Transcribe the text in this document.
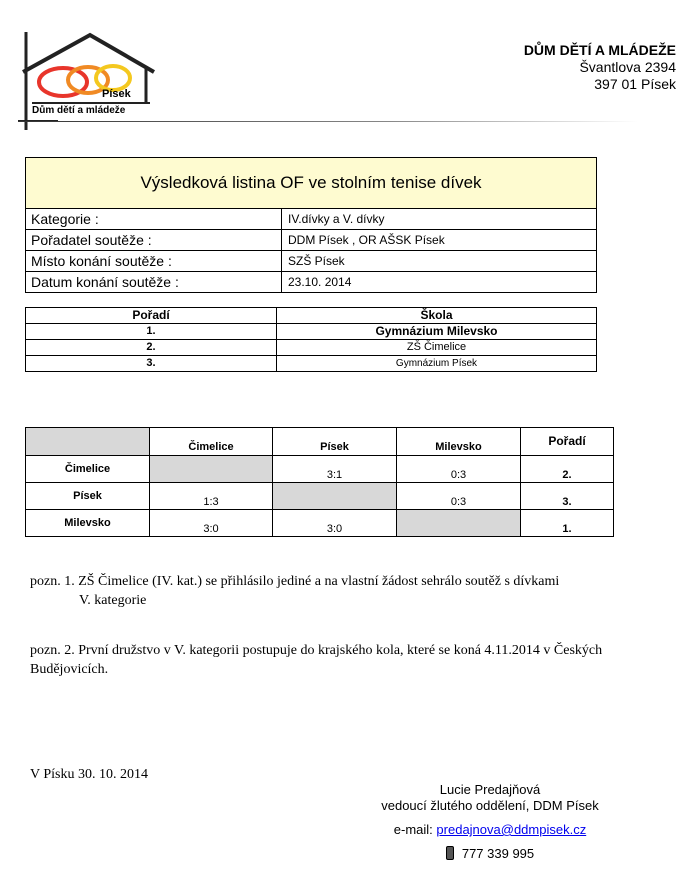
Písek
Dům dětí a mládeže
DŮM DĚTÍ A MLÁDEŽE
Švantlova 2394
397 01 Písek
Výsledková listina OF ve stolním tenise dívek
Kategorie :	IV.dívky a V. dívky
Pořadatel soutěže :	DDM Písek , OR AŠSK Písek
Místo konání soutěže :	SZŠ Písek
Datum konání soutěže :	23.10. 2014
Pořadí	Škola
1.	Gymnázium Milevsko
2.	ZŠ Čimelice
3.	Gymnázium Písek
	Čimelice	Písek	Milevsko	Pořadí
Čimelice		3:1	0:3	2.
Písek	1:3		0:3	3.
Milevsko	3:0	3:0		1.
pozn. 1. ZŠ Čimelice (IV. kat.) se přihlásilo jediné a na vlastní žádost sehrálo soutěž s dívkami
V. kategorie
pozn. 2. První družstvo v V. kategorii postupuje do krajského kola, které se koná 4.11.2014 v Českých Budějovicích.
V Písku 30. 10. 2014
Lucie Predajňová
vedoucí žlutého oddělení, DDM Písek
e-mail: predajnova@ddmpisek.cz
777 339 995
